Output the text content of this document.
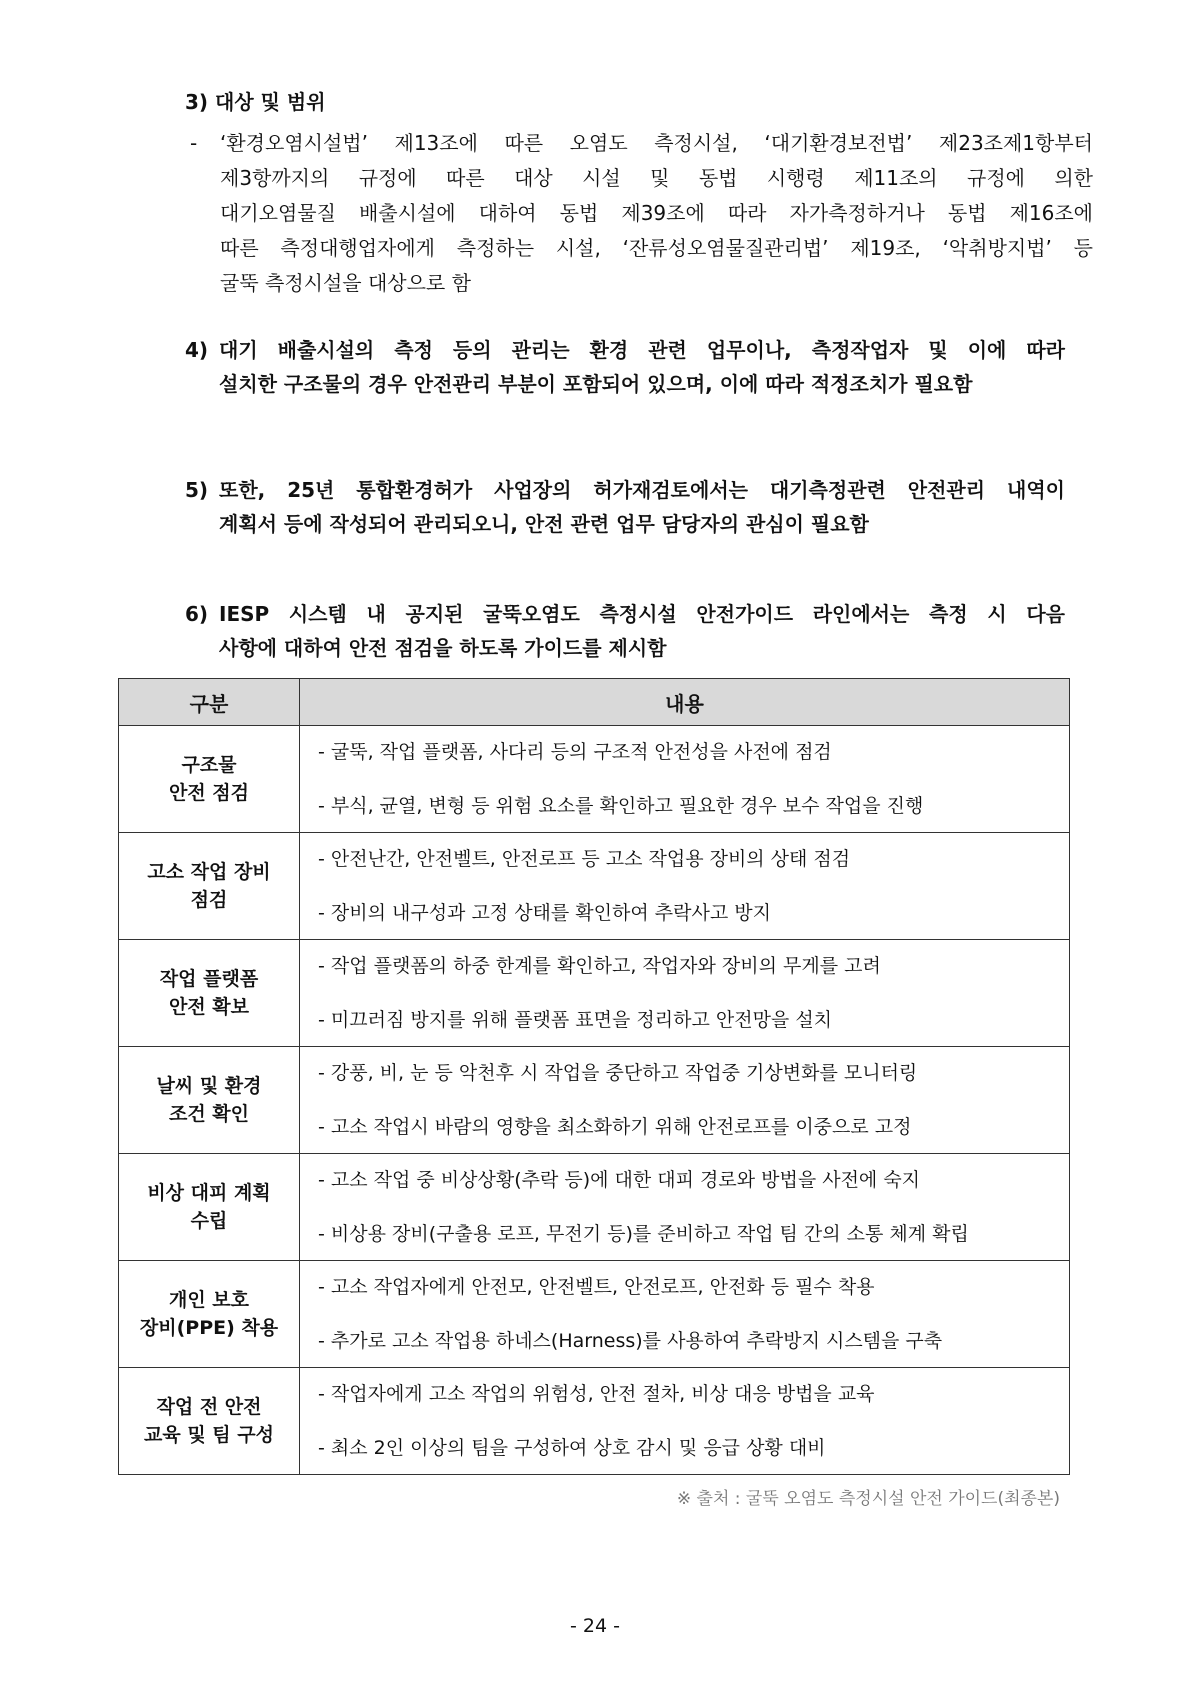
3) 대상 및 범위
- ‘환경오염시설법’ 제13조에 따른 오염도 측정시설, ‘대기환경보전법’ 제23조제1항부터
제3항까지의 규정에 따른 대상 시설 및 동법 시행령 제11조의 규정에 의한
대기오염물질 배출시설에 대하여 동법 제39조에 따라 자가측정하거나 동법 제16조에
따른 측정대행업자에게 측정하는 시설, ‘잔류성오염물질관리법’ 제19조, ‘악취방지법’ 등
굴뚝 측정시설을 대상으로 함
4) 대기 배출시설의 측정 등의 관리는 환경 관련 업무이나, 측정작업자 및 이에 따라
설치한 구조물의 경우 안전관리 부분이 포함되어 있으며, 이에 따라 적정조치가 필요함
5) 또한, 25년 통합환경허가 사업장의 허가재검토에서는 대기측정관련 안전관리 내역이
계획서 등에 작성되어 관리되오니, 안전 관련 업무 담당자의 관심이 필요함
6) IESP 시스템 내 공지된 굴뚝오염도 측정시설 안전가이드 라인에서는 측정 시 다음
사항에 대하여 안전 점검을 하도록 가이드를 제시함
구분	내용
구조물
안전 점검	- 굴뚝, 작업 플랫폼, 사다리 등의 구조적 안전성을 사전에 점검
- 부식, 균열, 변형 등 위험 요소를 확인하고 필요한 경우 보수 작업을 진행

고소 작업 장비
점검	- 안전난간, 안전벨트, 안전로프 등 고소 작업용 장비의 상태 점검
- 장비의 내구성과 고정 상태를 확인하여 추락사고 방지

작업 플랫폼
안전 확보	- 작업 플랫폼의 하중 한계를 확인하고, 작업자와 장비의 무게를 고려
- 미끄러짐 방지를 위해 플랫폼 표면을 정리하고 안전망을 설치

날씨 및 환경
조건 확인	- 강풍, 비, 눈 등 악천후 시 작업을 중단하고 작업중 기상변화를 모니터링
- 고소 작업시 바람의 영향을 최소화하기 위해 안전로프를 이중으로 고정

비상 대피 계획
수립	- 고소 작업 중 비상상황(추락 등)에 대한 대피 경로와 방법을 사전에 숙지
- 비상용 장비(구출용 로프, 무전기 등)를 준비하고 작업 팀 간의 소통 체계 확립

개인 보호
장비(PPE) 착용	- 고소 작업자에게 안전모, 안전벨트, 안전로프, 안전화 등 필수 착용
- 추가로 고소 작업용 하네스(Harness)를 사용하여 추락방지 시스템을 구축

작업 전 안전
교육 및 팀 구성	- 작업자에게 고소 작업의 위험성, 안전 절차, 비상 대응 방법을 교육
- 최소 2인 이상의 팀을 구성하여 상호 감시 및 응급 상황 대비
※ 출처 : 굴뚝 오염도 측정시설 안전 가이드(최종본)
- 24 -
